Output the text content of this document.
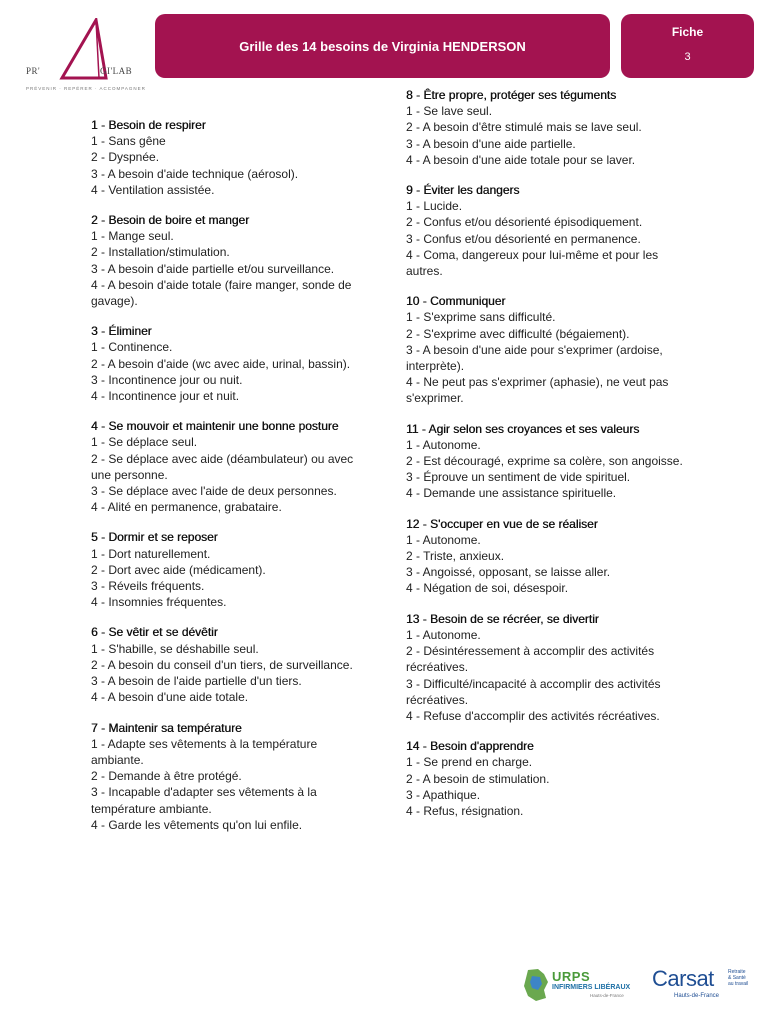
PR'	GI'LAB
PRÉVENIR · REPÉRER · ACCOMPAGNER
Grille des 14 besoins de Virginia HENDERSON
Fiche
3
1 - Besoin de respirer
1 - Sans gêne
2 - Dyspnée.
3 - A besoin d'aide technique (aérosol).
4 - Ventilation assistée.
2 - Besoin de boire et manger
1 - Mange seul.
2 - Installation/stimulation.
3 - A besoin d'aide partielle et/ou surveillance.
4 - A besoin d'aide totale (faire manger, sonde de gavage).
3 - Éliminer
1 - Continence.
2 - A besoin d'aide (wc avec aide, urinal, bassin).
3 - Incontinence jour ou nuit.
4 - Incontinence jour et nuit.
4 - Se mouvoir et maintenir une bonne posture
1 - Se déplace seul.
2 - Se déplace avec aide (déambulateur) ou avec une personne.
3 - Se déplace avec l'aide de deux personnes.
4 - Alité en permanence, grabataire.
5 - Dormir et se reposer
1 - Dort naturellement.
2 - Dort avec aide (médicament).
3 - Réveils fréquents.
4 - Insomnies fréquentes.
6 - Se vêtir et se dévêtir
1 - S'habille, se déshabille seul.
2 - A besoin du conseil d'un tiers, de surveillance.
3 - A besoin de l'aide partielle d'un tiers.
4 - A besoin d'une aide totale.
7 - Maintenir sa température
1 - Adapte ses vêtements à la température ambiante.
2 - Demande à être protégé.
3 - Incapable d'adapter ses vêtements à la température ambiante.
4 - Garde les vêtements qu'on lui enfile.
8 - Être propre, protéger ses téguments
1 - Se lave seul.
2 - A besoin d'être stimulé mais se lave seul.
3 - A besoin d'une aide partielle.
4 - A besoin d'une aide totale pour se laver.
9 - Éviter les dangers
1 - Lucide.
2 - Confus et/ou désorienté épisodiquement.
3 - Confus et/ou désorienté en permanence.
4 - Coma, dangereux pour lui-même et pour les autres.
10 - Communiquer
1 - S'exprime sans difficulté.
2 - S'exprime avec difficulté (bégaiement).
3 - A besoin d'une aide pour s'exprimer (ardoise, interprète).
4 - Ne peut pas s'exprimer (aphasie), ne veut pas s'exprimer.
11 - Agir selon ses croyances et ses valeurs
1 - Autonome.
2 - Est découragé, exprime sa colère, son angoisse.
3 - Éprouve un sentiment de vide spirituel.
4 - Demande une assistance spirituelle.
12 - S'occuper en vue de se réaliser
1 - Autonome.
2 - Triste, anxieux.
3 - Angoissé, opposant, se laisse aller.
4 - Négation de soi, désespoir.
13 - Besoin de se récréer, se divertir
1 - Autonome.
2 - Désintéressement à accomplir des activités récréatives.
3 - Difficulté/incapacité à accomplir des activités récréatives.
4 - Refuse d'accomplir des activités récréatives.
14 - Besoin d'apprendre
1 - Se prend en charge.
2 - A besoin de stimulation.
3 - Apathique.
4 - Refus, résignation.
URPS
INFIRMIERS LIBÉRAUX
Hauts-de-France
Carsat	Retraite
& Santé
au travail
Hauts-de-France
